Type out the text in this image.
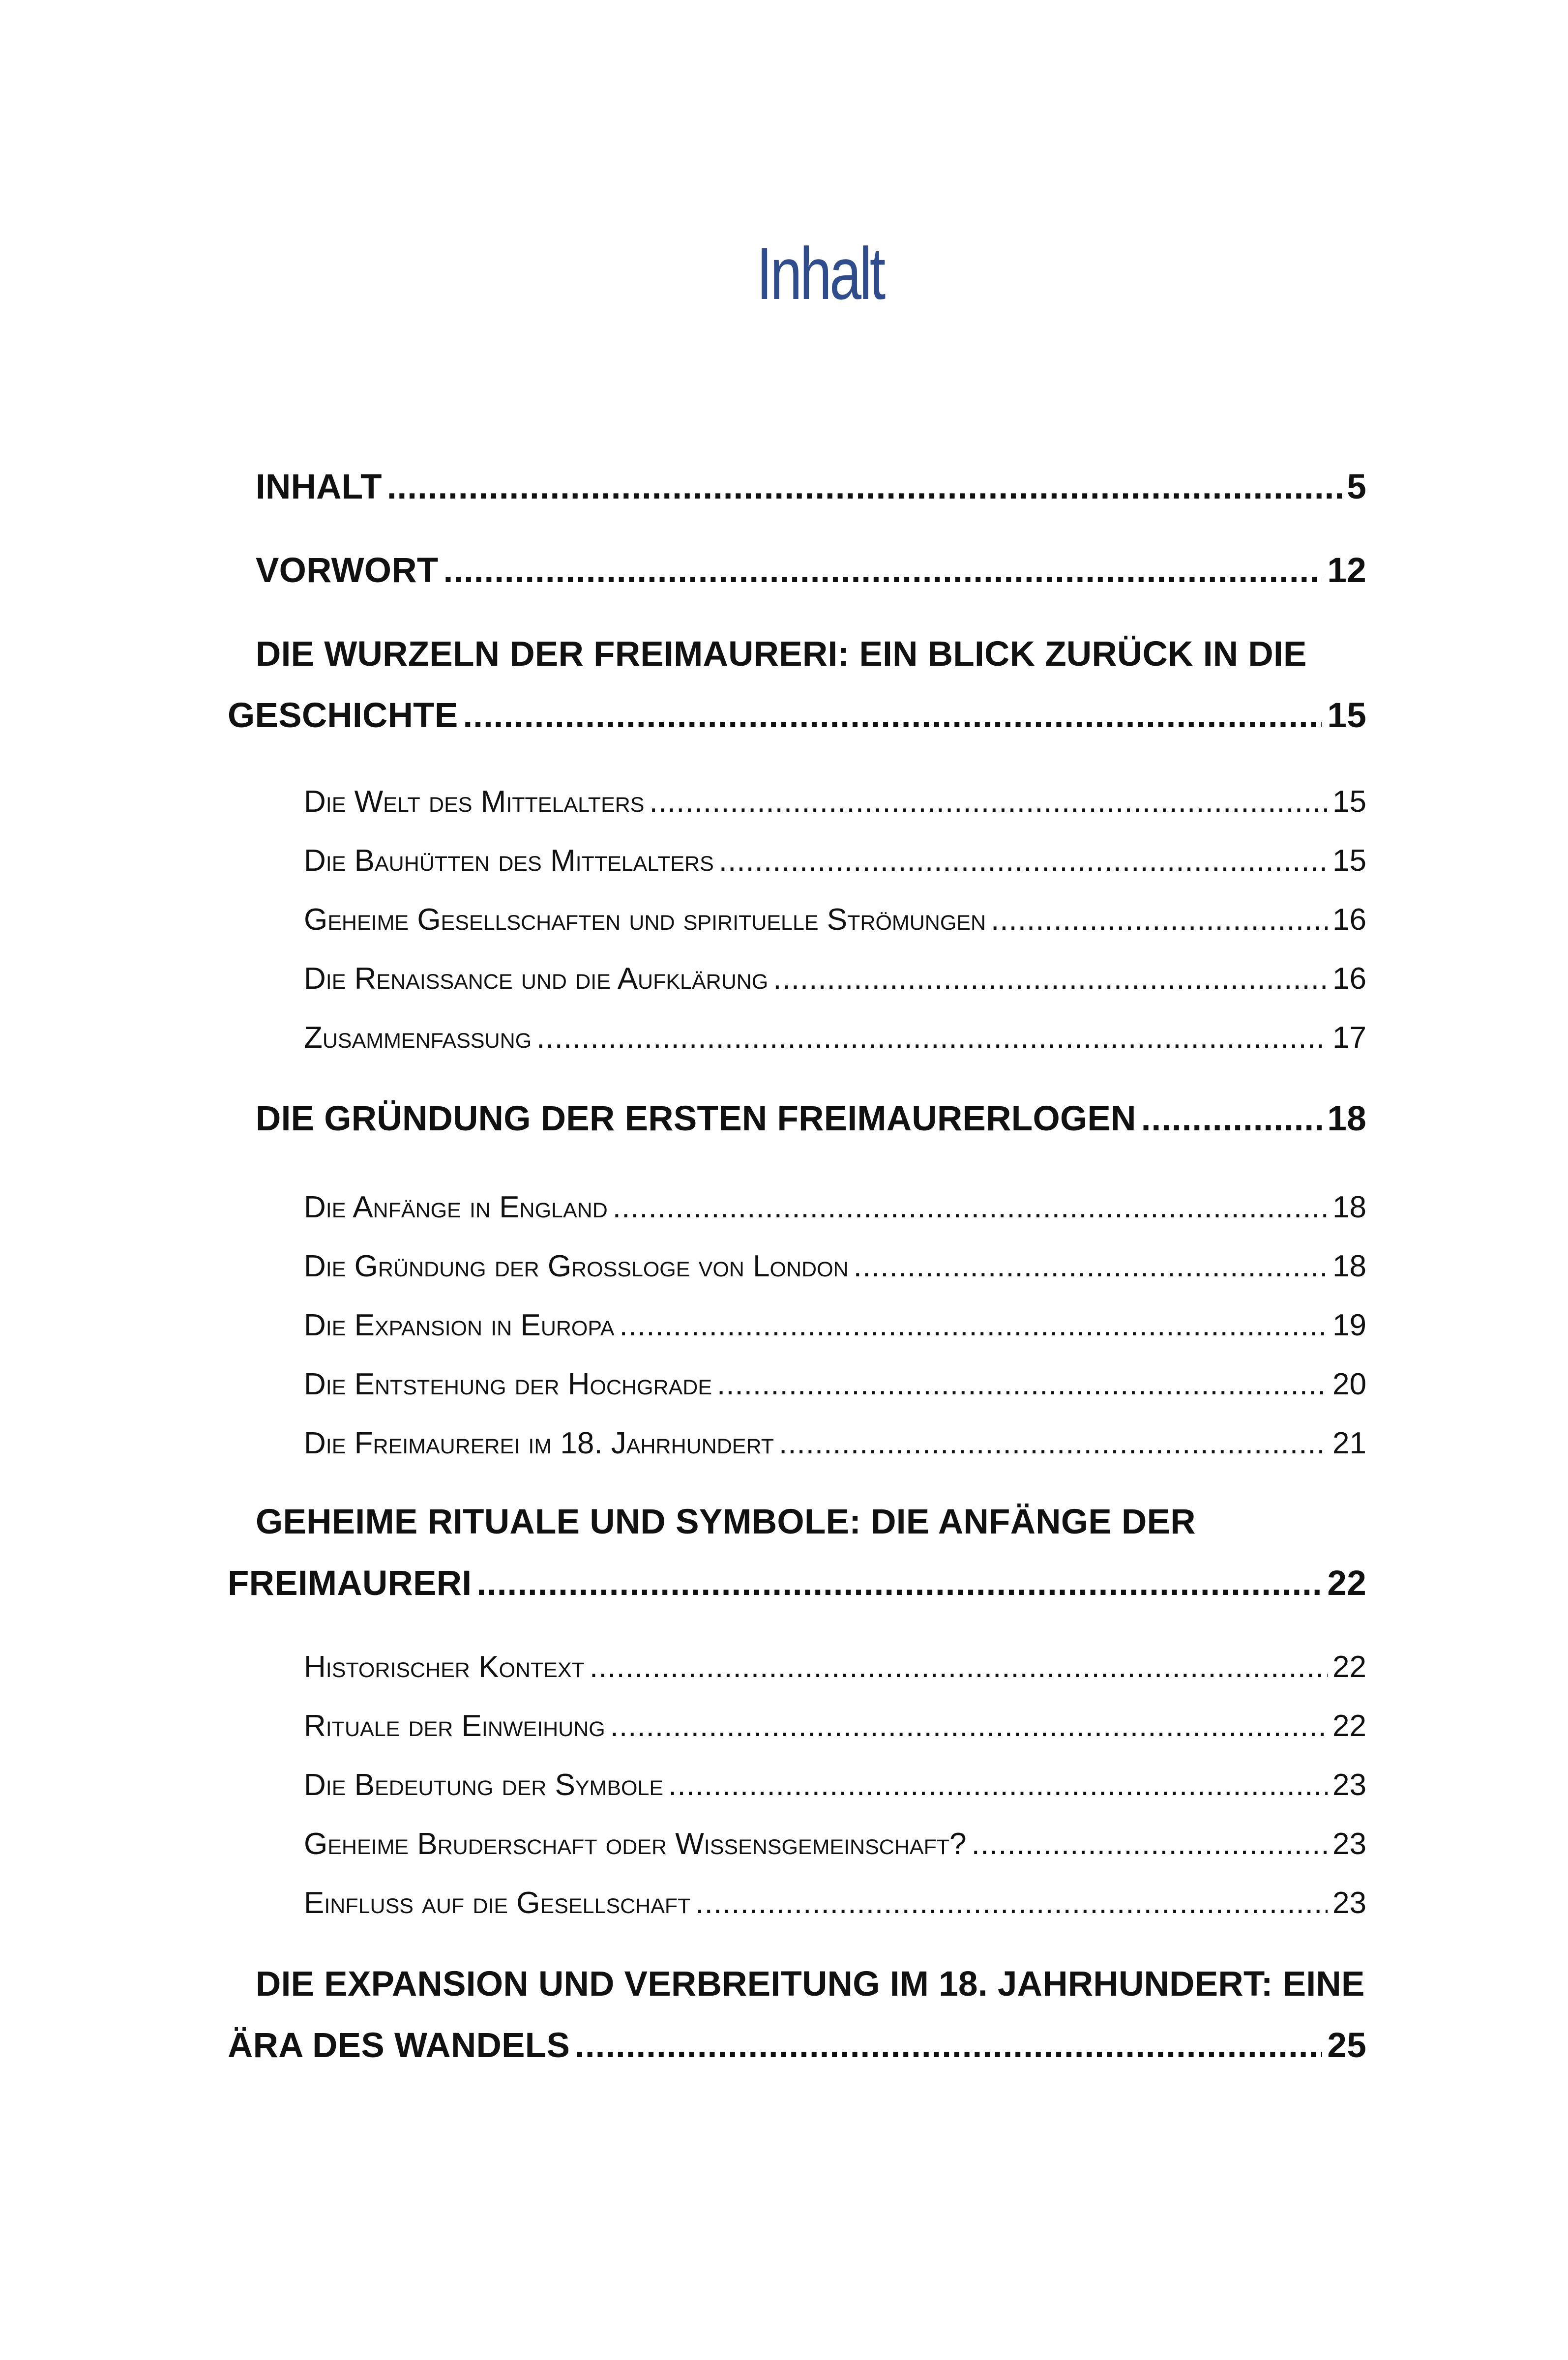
Inhalt
INHALT .....	5
VORWORT .....	12
DIE WURZELN DER FREIMAURERI: EIN BLICK ZURÜCK IN DIE
GESCHICHTE .....	15
Die Welt des Mittelalters .....	15
Die Bauhütten des Mittelalters .....	15
Geheime Gesellschaften und spirituelle Strömungen .....	16
Die Renaissance und die Aufklärung .....	16
Zusammenfassung .....	17
DIE GRÜNDUNG DER ERSTEN FREIMAURERLOGEN .....	18
Die Anfänge in England .....	18
Die Gründung der Großloge von London .....	18
Die Expansion in Europa .....	19
Die Entstehung der Hochgrade .....	20
Die Freimaurerei im 18. Jahrhundert .....	21
GEHEIME RITUALE UND SYMBOLE: DIE ANFÄNGE DER
FREIMAURERI .....	22
Historischer Kontext .....	22
Rituale der Einweihung .....	22
Die Bedeutung der Symbole .....	23
Geheime Bruderschaft oder Wissensgemeinschaft? .....	23
Einfluss auf die Gesellschaft .....	23
DIE EXPANSION UND VERBREITUNG IM 18. JAHRHUNDERT: EINE
ÄRA DES WANDELS .....	25
